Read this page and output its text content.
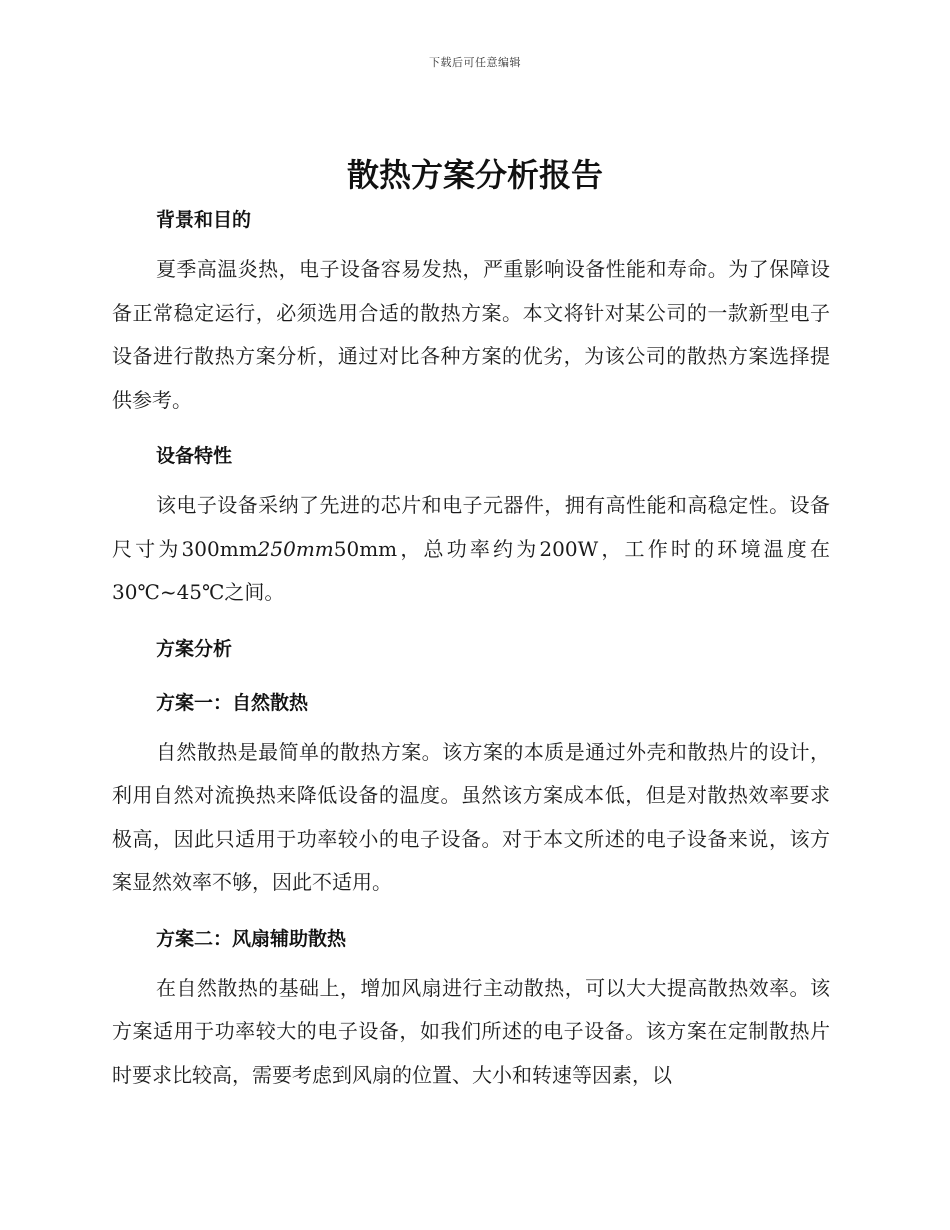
下载后可任意编辑
散热方案分析报告
背景和目的

夏季高温炎热，电子设备容易发热，严重影响设备性能和寿命。为了保障设备正常稳定运行，必须选用合适的散热方案。本文将针对某公司的一款新型电子设备进行散热方案分析，通过对比各种方案的优劣，为该公司的散热方案选择提供参考。

设备特性

该电子设备采纳了先进的芯片和电子元器件，拥有高性能和高稳定性。设备尺寸为300mm250mm50mm，总功率约为200W，工作时的环境温度在30℃~45℃之间。

方案分析
方案一：自然散热

自然散热是最简单的散热方案。该方案的本质是通过外壳和散热片的设计，利用自然对流换热来降低设备的温度。虽然该方案成本低，但是对散热效率要求极高，因此只适用于功率较小的电子设备。对于本文所述的电子设备来说，该方案显然效率不够，因此不适用。

方案二：风扇辅助散热

在自然散热的基础上，增加风扇进行主动散热，可以大大提高散热效率。该方案适用于功率较大的电子设备，如我们所述的电子设备。该方案在定制散热片时要求比较高，需要考虑到风扇的位置、大小和转速等因素，以
